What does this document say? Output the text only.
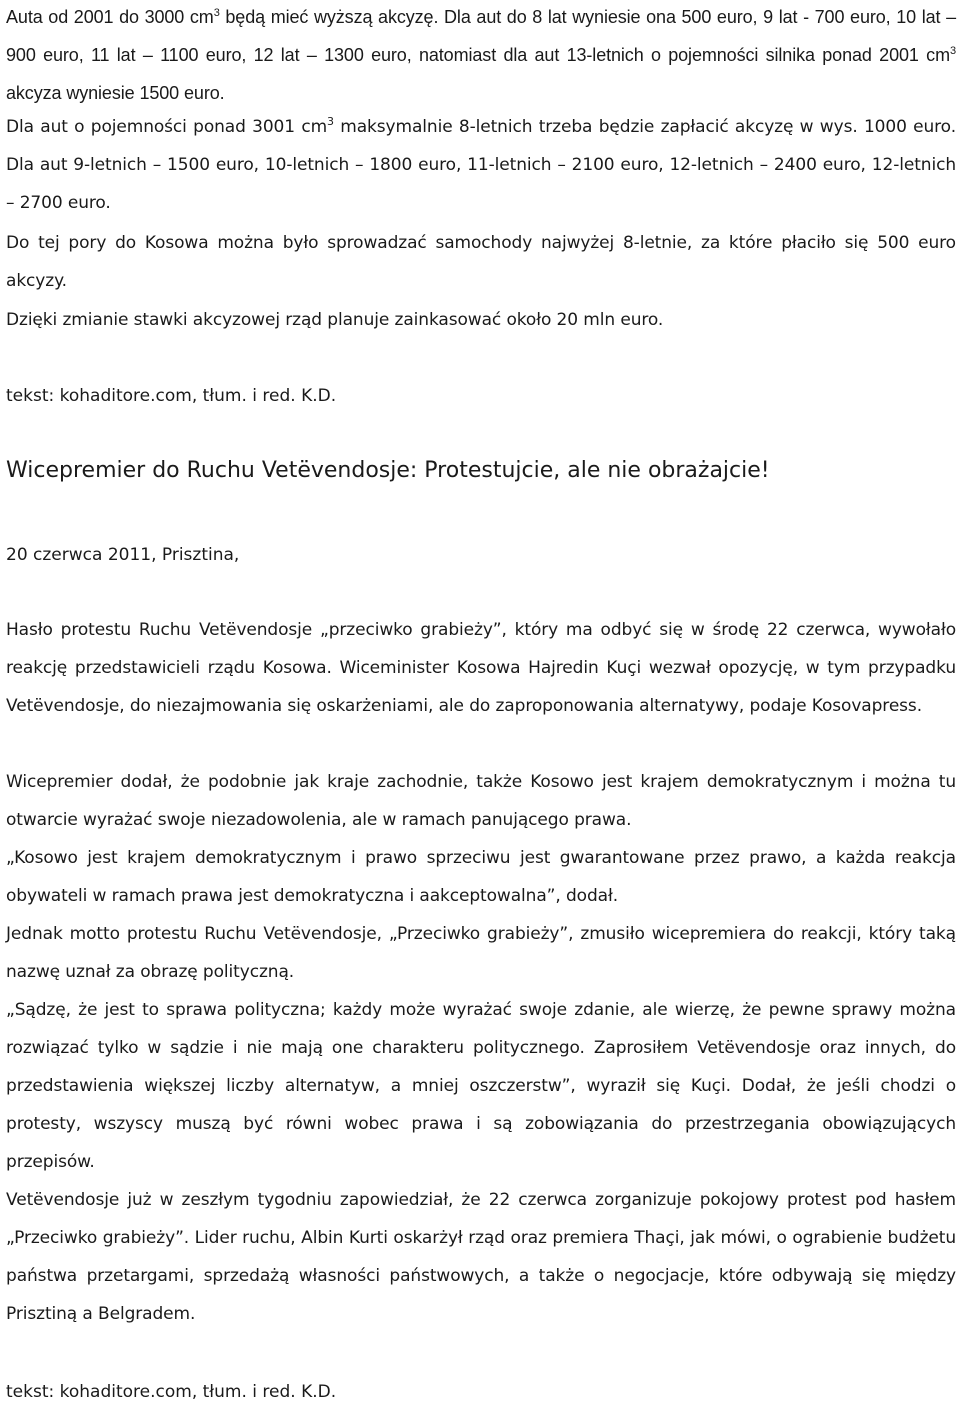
Auta od 2001 do 3000 $cm^3$ będą mieć wyższą akcyzę. Dla aut do 8 lat wyniesie ona 500 euro, 9 lat - 700 euro, 10 lat – 900 euro, 11 lat – 1100 euro, 12 lat – 1300 euro, natomiast dla aut 13-letnich o pojemności silnika ponad 2001 $cm^3$ akcyza wyniesie 1500 euro.

Dla aut o pojemności ponad 3001 $cm^3$ maksymalnie 8-letnich trzeba będzie zapłacić akcyzę w wys. 1000 euro. Dla aut 9-letnich – 1500 euro, 10-letnich – 1800 euro, 11-letnich – 2100 euro, 12-letnich – 2400 euro, 12-letnich – 2700 euro.

Do tej pory do Kosowa można było sprowadzać samochody najwyżej 8-letnie, za które płaciło się 500 euro akcyzy.

Dzięki zmianie stawki akcyzowej rząd planuje zainkasować około 20 mln euro.

tekst: kohaditore.com, tłum. i red. K.D.

Wicepremier do Ruchu Vetëvendosje: Protestujcie, ale nie obrażajcie!

20 czerwca 2011, Prisztina,

Hasło protestu Ruchu Vetëvendosje „przeciwko grabieży”, który ma odbyć się w środę 22 czerwca, wywołało reakcję przedstawicieli rządu Kosowa. Wiceminister Kosowa Hajredin Kuçi wezwał opozycję, w tym przypadku Vetëvendosje, do niezajmowania się oskarżeniami, ale do zaproponowania alternatywy, podaje Kosovapress.

Wicepremier dodał, że podobnie jak kraje zachodnie, także Kosowo jest krajem demokratycznym i można tu otwarcie wyrażać swoje niezadowolenia, ale w ramach panującego prawa.

„Kosowo jest krajem demokratycznym i prawo sprzeciwu jest gwarantowane przez prawo, a każda reakcja obywateli w ramach prawa jest demokratyczna i aakceptowalna”, dodał.

Jednak motto protestu Ruchu Vetëvendosje, „Przeciwko grabieży”, zmusiło wicepremiera do reakcji, który taką nazwę uznał za obrazę polityczną.

„Sądzę, że jest to sprawa polityczna; każdy może wyrażać swoje zdanie, ale wierzę, że pewne sprawy można rozwiązać tylko w sądzie i nie mają one charakteru politycznego. Zaprosiłem Vetëvendosje oraz innych, do przedstawienia większej liczby alternatyw, a mniej oszczerstw”, wyraził się Kuçi. Dodał, że jeśli chodzi o protesty, wszyscy muszą być równi wobec prawa i są zobowiązania do przestrzegania obowiązujących przepisów.

Vetëvendosje już w zeszłym tygodniu zapowiedział, że 22 czerwca zorganizuje pokojowy protest pod hasłem „Przeciwko grabieży”. Lider ruchu, Albin Kurti oskarżył rząd oraz premiera Thaçi, jak mówi, o ograbienie budżetu państwa przetargami, sprzedażą własności państwowych, a także o negocjacje, które odbywają się między Prisztiną a Belgradem.

tekst: kohaditore.com, tłum. i red. K.D.
